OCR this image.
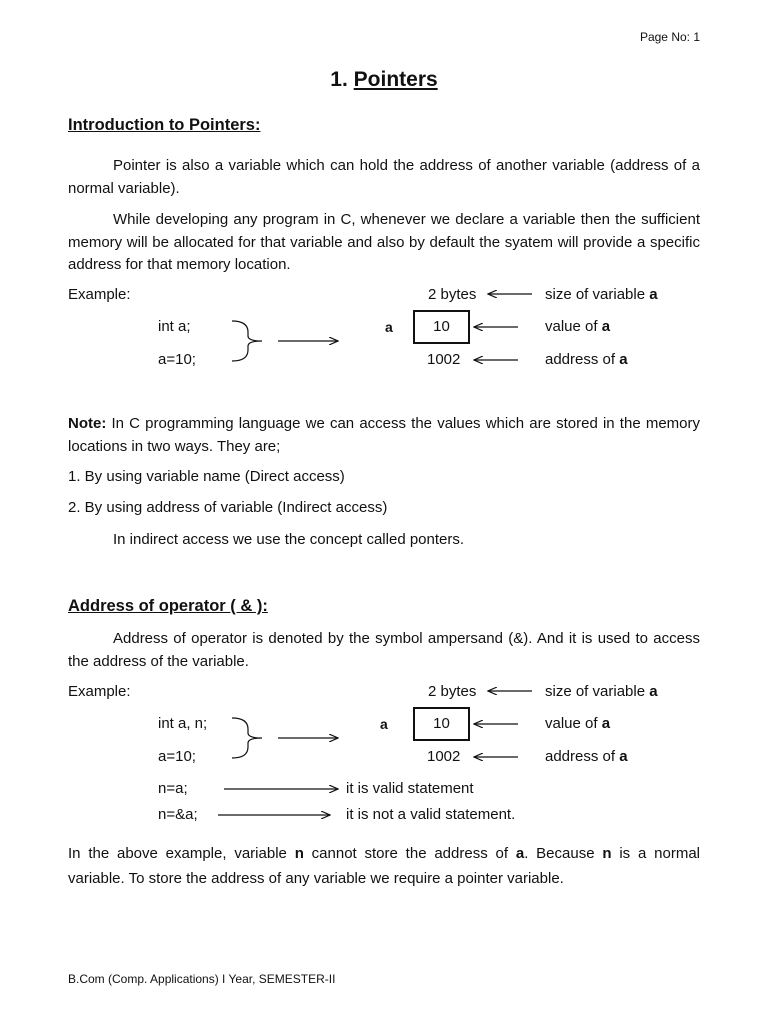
Page No: 1
1. Pointers
Introduction to Pointers:
Pointer is also a variable which can hold the address of another variable (address of a normal variable).
While developing any program in C, whenever we declare a variable then the sufficient memory will be allocated for that variable and also by default the syatem will provide a specific address for that memory location.
Example:	2 bytes	size of variable a
int a;	a	10	value of a
a=10;	1002	address of a
Note: In C programming language we can access the values which are stored in the memory locations in two ways. They are;
1. By using variable name (Direct access)
2. By using address of variable (Indirect access)
In indirect access we use the concept called ponters.
Address of operator ( & ):
Address of operator is denoted by the symbol ampersand (&). And it is used to access the address of the variable.
Example:	2 bytes	size of variable a
int a, n;	a	10	value of a
a=10;	1002	address of a
n=a;	it is valid statement
n=&a;	it is not a valid statement.
In the above example, variable n cannot store the address of a. Because n is a normal variable. To store the address of any variable we require a pointer variable.
B.Com (Comp. Applications) I Year, SEMESTER-II
